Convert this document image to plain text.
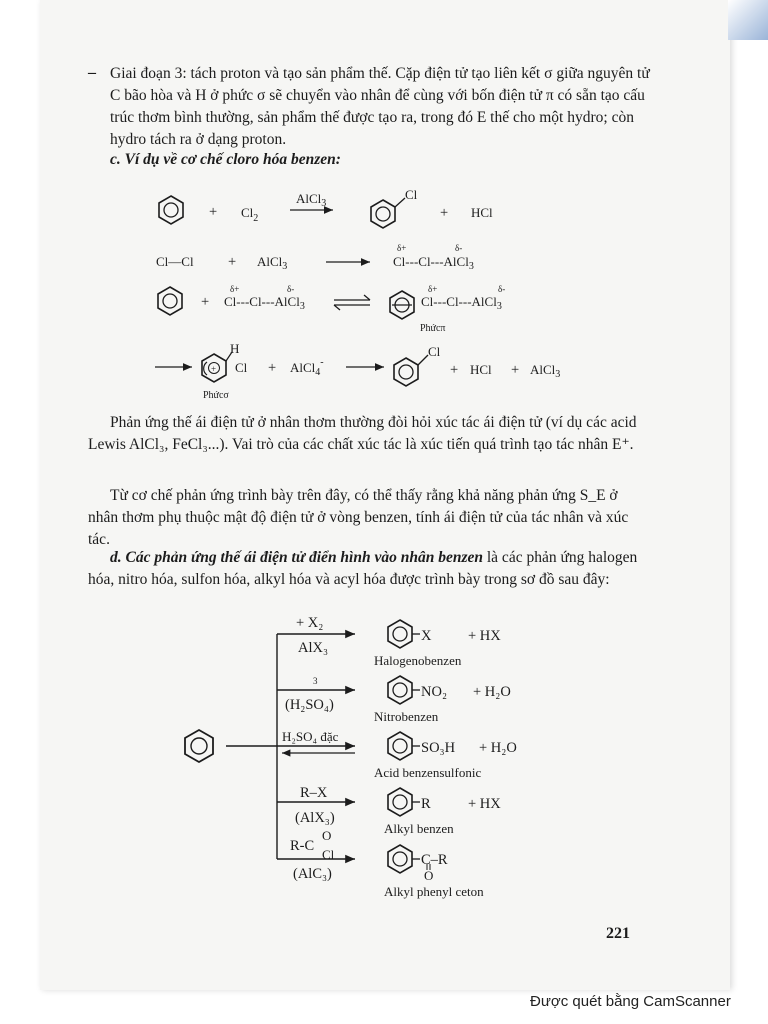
– Giai đoạn 3: tách proton và tạo sản phẩm thế. Cặp điện tử tạo liên kết σ giữa nguyên tử C bão hòa và H ở phức σ sẽ chuyển vào nhân để cùng với bốn điện tử π có sẵn tạo cấu trúc thơm bình thường, sản phẩm thế được tạo ra, trong đó E thế cho một hydro; còn hydro tách ra ở dạng proton.
c. Ví dụ về cơ chế cloro hóa benzen:
+ $Cl_2$
AlCl$_3$
Cl
+ HCl
Cl—Cl + AlCl$_3$
δ+	δ-
Cl---Cl---AlCl$_3$
+
δ+	δ-
Cl---Cl---AlCl$_3$
δ+	δ-
Cl---Cl---AlCl$_3$
Phứcπ
+
H
Cl
Phứcσ
+ AlCl$_4$-
Cl
+ HCl + AlCl$_3$
+ X₂
AlX₃
3
(H₂SO₄)
H₂SO₄ đặc
R–X
(AlX₃)
R-C
O
Cl
(AlC₃)
X	+ HX
Halogenobenzen
NO₂ + H₂O
Nitrobenzen
SO₃H + H₂O
Acid benzensulfonic
R	+ HX
Alkyl benzen
C–R
O
Alkyl phenyl ceton
Phản ứng thế ái điện tử ở nhân thơm thường đòi hỏi xúc tác ái điện tử (ví dụ các acid Lewis AlCl₃, FeCl₃...). Vai trò của các chất xúc tác là xúc tiến quá trình tạo tác nhân E⁺.
Từ cơ chế phản ứng trình bày trên đây, có thể thấy rằng khả năng phản ứng S_E ở nhân thơm phụ thuộc mật độ điện tử ở vòng benzen, tính ái điện tử của tác nhân và xúc tác.
d. Các phản ứng thế ái điện tử điển hình vào nhân benzen là các phản ứng halogen hóa, nitro hóa, sulfon hóa, alkyl hóa và acyl hóa được trình bày trong sơ đồ sau đây:
221
Được quét bằng CamScanner
